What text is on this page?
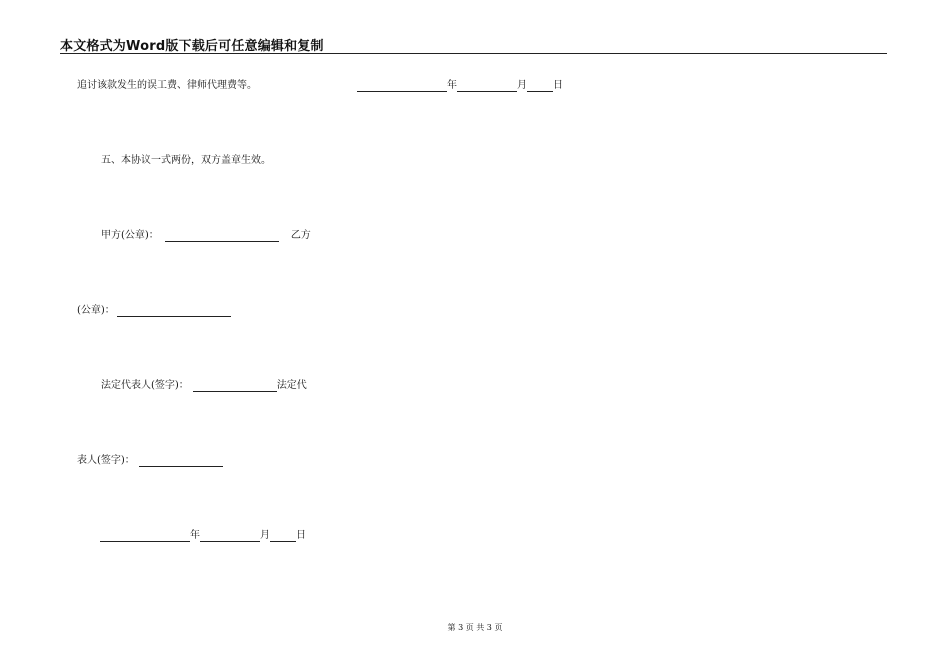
本文格式为Word版下载后可任意编辑和复制
追讨该款发生的误工费、律师代理费等。	年	月	日
五、本协议一式两份，双方盖章生效。
甲方(公章)：	乙方
(公章)：
法定代表人(签字)：	法定代
表人(签字)：
年	月	日
第 3 页 共 3 页
